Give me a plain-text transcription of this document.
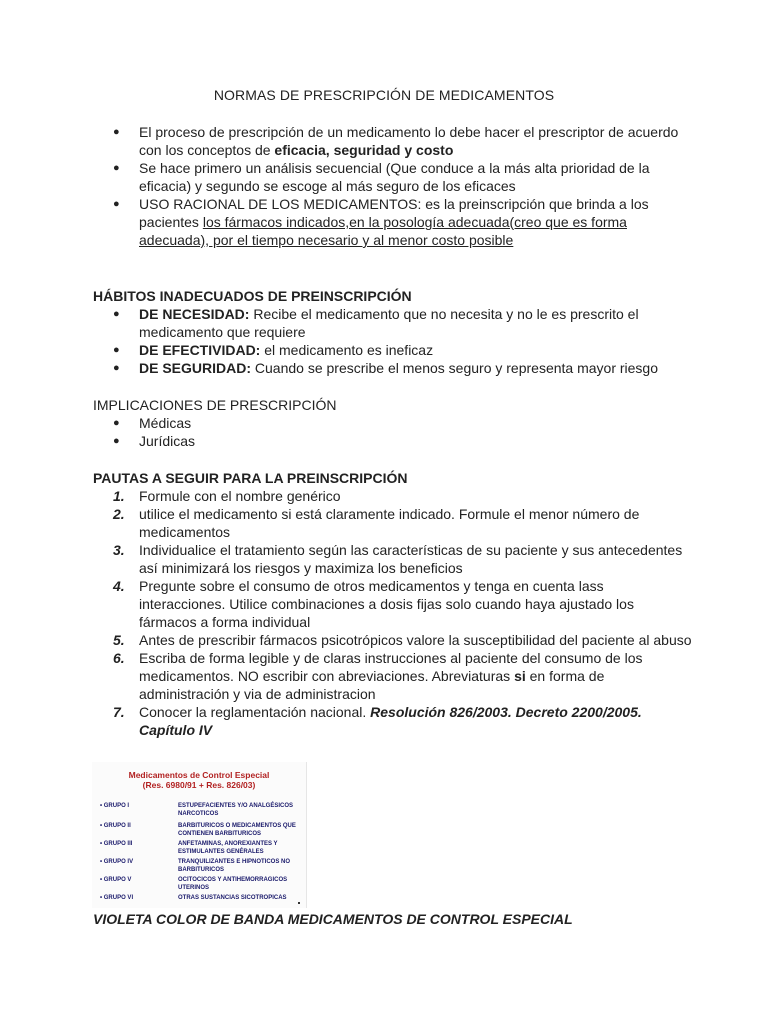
NORMAS DE PRESCRIPCIÓN DE MEDICAMENTOS
● El proceso de prescripción de un medicamento lo debe hacer el prescriptor de acuerdo con los conceptos de eficacia, seguridad y costo
● Se hace primero un análisis secuencial (Que conduce a la más alta prioridad de la eficacia) y segundo se escoge al más seguro de los eficaces
● USO RACIONAL DE LOS MEDICAMENTOS: es la preinscripción que brinda a los pacientes los fármacos indicados,en la posología adecuada(creo que es forma adecuada), por el tiempo necesario y al menor costo posible
HÁBITOS INADECUADOS DE PREINSCRIPCIÓN
● DE NECESIDAD: Recibe el medicamento que no necesita y no le es prescrito el medicamento que requiere
● DE EFECTIVIDAD: el medicamento es ineficaz
● DE SEGURIDAD: Cuando se prescribe el menos seguro y representa mayor riesgo
IMPLICACIONES DE PRESCRIPCIÓN
● Médicas
● Jurídicas
PAUTAS A SEGUIR PARA LA PREINSCRIPCIÓN
1. Formule con el nombre genérico
2. utilice el medicamento si está claramente indicado. Formule el menor número de medicamentos
3. Individualice el tratamiento según las características de su paciente y sus antecedentes así minimizará los riesgos y maximiza los beneficios
4. Pregunte sobre el consumo de otros medicamentos y tenga en cuenta lass interacciones. Utilice combinaciones a dosis fijas solo cuando haya ajustado los fármacos a forma individual
5. Antes de prescribir fármacos psicotrópicos valore la susceptibilidad del paciente al abuso
6. Escriba de forma legible y de claras instrucciones al paciente del consumo de los medicamentos. NO escribir con abreviaciones. Abreviaturas si en forma de administración y via de administracion
7. Conocer la reglamentación nacional. Resolución 826/2003. Decreto 2200/2005. Capítulo IV
Medicamentos de Control Especial
(Res. 6980/91 + Res. 826/03)
• GRUPO I	ESTUPEFACIENTES Y/O ANALGÉSICOS NARCOTICOS
• GRUPO II	BARBITURICOS O MEDICAMENTOS QUE CONTIENEN BARBITURICOS
• GRUPO III	ANFETAMINAS, ANOREXIANTES Y ESTIMULANTES GENÉRALES
• GRUPO IV	TRANQUILIZANTES E HIPNOTICOS NO BARBITURICOS
• GRUPO V	OCITOCICOS Y ANTIHEMORRAGICOS UTERINOS
• GRUPO VI	OTRAS SUSTANCIAS SICOTROPICAS
VIOLETA COLOR DE BANDA MEDICAMENTOS DE CONTROL ESPECIAL
